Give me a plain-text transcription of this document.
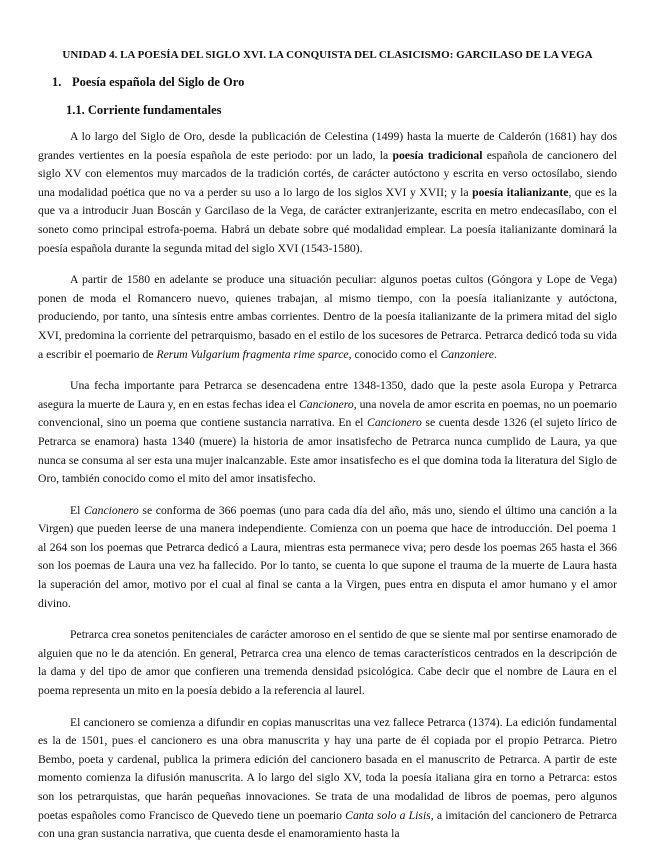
UNIDAD 4. LA POESÍA DEL SIGLO XVI. LA CONQUISTA DEL CLASICISMO: GARCILASO DE LA VEGA
1. Poesía española del Siglo de Oro
1.1. Corriente fundamentales

A lo largo del Siglo de Oro, desde la publicación de Celestina (1499) hasta la muerte de Calderón (1681) hay dos grandes vertientes en la poesía española de este periodo: por un lado, la poesía tradicional española de cancionero del siglo XV con elementos muy marcados de la tradición cortés, de carácter autóctono y escrita en verso octosílabo, siendo una modalidad poética que no va a perder su uso a lo largo de los siglos XVI y XVII; y la poesía italianizante, que es la que va a introducir Juan Boscán y Garcilaso de la Vega, de carácter extranjerizante, escrita en metro endecasílabo, con el soneto como principal estrofa-poema. Habrá un debate sobre qué modalidad emplear. La poesía italianizante dominará la poesía española durante la segunda mitad del siglo XVI (1543-1580).

A partir de 1580 en adelante se produce una situación peculiar: algunos poetas cultos (Góngora y Lope de Vega) ponen de moda el Romancero nuevo, quienes trabajan, al mismo tiempo, con la poesía italianizante y autóctona, produciendo, por tanto, una síntesis entre ambas corrientes. Dentro de la poesía italianizante de la primera mitad del siglo XVI, predomina la corriente del petrarquismo, basado en el estilo de los sucesores de Petrarca. Petrarca dedicó toda su vida a escribir el poemario de Rerum Vulgarium fragmenta rime sparce, conocido como el Canzoniere.

Una fecha importante para Petrarca se desencadena entre 1348-1350, dado que la peste asola Europa y Petrarca asegura la muerte de Laura y, en en estas fechas idea el Cancionero, una novela de amor escrita en poemas, no un poemario convencional, sino un poema que contiene sustancia narrativa. En el Cancionero se cuenta desde 1326 (el sujeto lírico de Petrarca se enamora) hasta 1340 (muere) la historia de amor insatisfecho de Petrarca nunca cumplido de Laura, ya que nunca se consuma al ser esta una mujer inalcanzable. Este amor insatisfecho es el que domina toda la literatura del Siglo de Oro, también conocido como el mito del amor insatisfecho.

El Cancionero se conforma de 366 poemas (uno para cada día del año, más uno, siendo el último una canción a la Virgen) que pueden leerse de una manera independiente. Comienza con un poema que hace de introducción. Del poema 1 al 264 son los poemas que Petrarca dedicó a Laura, mientras esta permanece viva; pero desde los poemas 265 hasta el 366 son los poemas de Laura una vez ha fallecido. Por lo tanto, se cuenta lo que supone el trauma de la muerte de Laura hasta la superación del amor, motivo por el cual al final se canta a la Virgen, pues entra en disputa el amor humano y el amor divino.

Petrarca crea sonetos penitenciales de carácter amoroso en el sentido de que se siente mal por sentirse enamorado de alguien que no le da atención. En general, Petrarca crea una elenco de temas característicos centrados en la descripción de la dama y del tipo de amor que confieren una tremenda densidad psicológica. Cabe decir que el nombre de Laura en el poema representa un mito en la poesía debido a la referencia al laurel.

El cancionero se comienza a difundir en copias manuscritas una vez fallece Petrarca (1374). La edición fundamental es la de 1501, pues el cancionero es una obra manuscrita y hay una parte de él copiada por el propio Petrarca. Pietro Bembo, poeta y cardenal, publica la primera edición del cancionero basada en el manuscrito de Petrarca. A partir de este momento comienza la difusión manuscrita. A lo largo del siglo XV, toda la poesía italiana gira en torno a Petrarca: estos son los petrarquistas, que harán pequeñas innovaciones. Se trata de una modalidad de libros de poemas, pero algunos poetas españoles como Francisco de Quevedo tiene un poemario Canta solo a Lisis, a imitación del cancionero de Petrarca con una gran sustancia narrativa, que cuenta desde el enamoramiento hasta la
